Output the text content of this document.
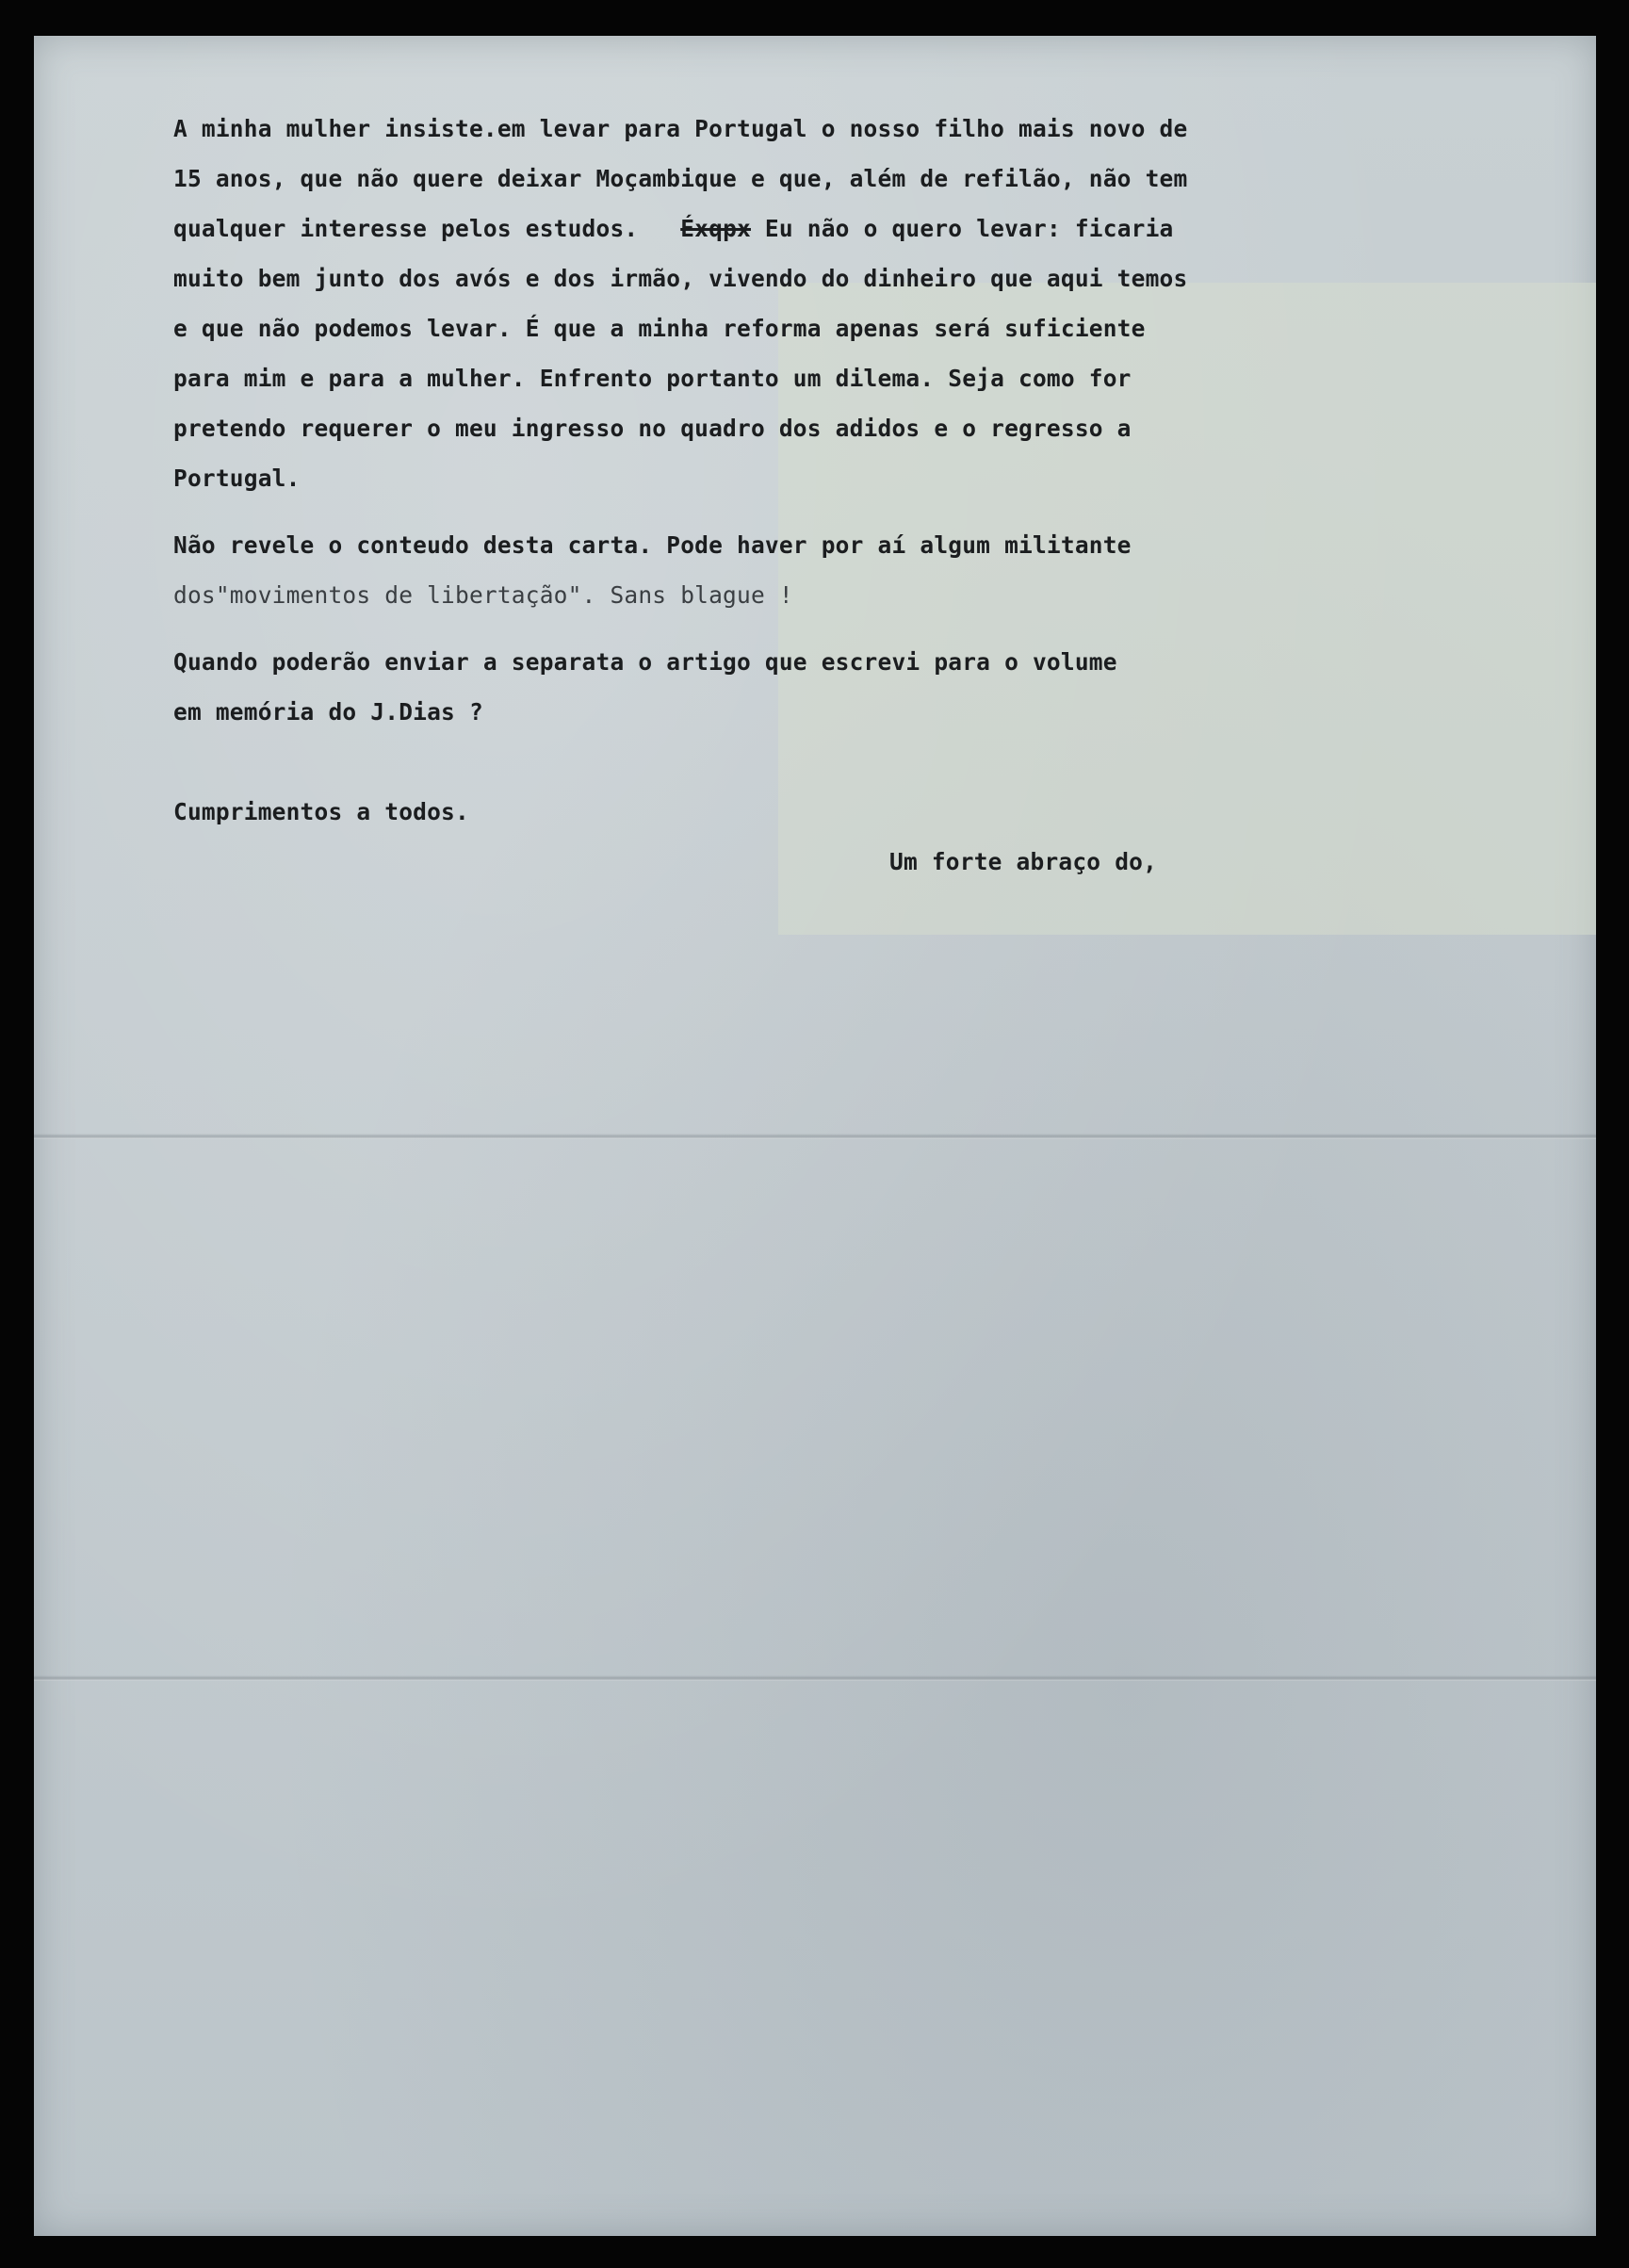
A minha mulher insiste.em levar para Portugal o nosso filho mais novo de

15 anos, que não quere deixar Moçambique e que, além de refilão, não tem

qualquer interesse pelos estudos. Éxqpx Eu não o quero levar: ficaria

muito bem junto dos avós e dos irmão, vivendo do dinheiro que aqui temos

e que não podemos levar. É que a minha reforma apenas será suficiente

para mim e para a mulher. Enfrento portanto um dilema. Seja como for

pretendo requerer o meu ingresso no quadro dos adidos e o regresso a

Portugal.

Não revele o conteudo desta carta. Pode haver por aí algum militante

dos"movimentos de libertação". Sans blague !

Quando poderão enviar a separata o artigo que escrevi para o volume

em memória do J.Dias ?

Cumprimentos a todos.

Um forte abraço do,
